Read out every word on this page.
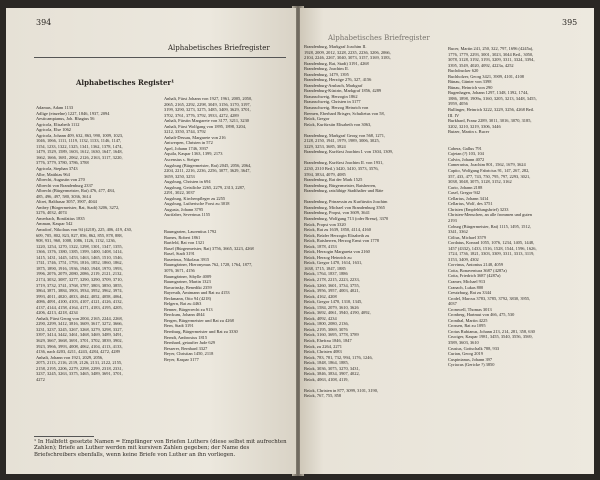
394
Alphabetisches Briefregister
Alphabetisches Register¹
Adamus, Adam 1133
Adlige (einzelne) 1227, 1846, 1937, 2094
Aesticampianus, Joh. Rhagius 56
Agricola, Elisabeth 1112
Agricola, Else 1062
Agricola, Johann 409, 632, 863, 990, 1009, 1023,
1046, 1066, 1111, 1119, 1132, 1133, 1146, 1147,
1154, 1233, 1322, 1325, 1341, 1362, 1378, 1474,
1479, 1529, 1589, 1603, 1612, 1630, 1647, 1648,
1662, 1666, 1681, 2062, 2126, 2163, 3117, 3220,
3776, 3779, 3780, 3786, 3788
Agricola, Stephan 3743
Albe, Matthias 964
Albrecht, Augustin von 270
Albrecht von Brandenburg 2337
Albrecht (Bürgermeister, Rat) 476, 477, 484,
485, 496, 497, 580, 3036, 3614
Altrei, Balthasar 3057, 3907, 4044
Ambey (Bürgermeister, Rat, Stadt) 3206, 3272,
3276, 4032, 4074
Amerbach, Bonifatius 1835
Amman, Kaspar 542
Amsdorf, Nikolaus von 94 (4218), 225, 406, 419, 430,
609, 705, 802, 823, 827, 856, 862, 855, 878, 888,
908, 931, 960, 1008, 1086, 1126, 1132, 1236,
1220, 1254, 1270, 1322, 1298, 1301, 1347, 1355,
1366, 1376, 1380, 1385, 1399, 1400, 1408, 1414,
1415, 1431, 1445, 1453, 1463, 1465, 1510, 1546,
1741, 1746, 1751, 1793, 1816, 1852, 1860, 1862,
1875, 1890, 1916, 1936, 1940, 1948, 1970, 1993,
1996, 2076, 2079, 2080, 2086, 2119, 2121, 2132,
2174, 3032, 3087, 3277, 3290, 3290, 3709, 3710,
3719, 3732, 3741, 3768, 3787, 3803, 3850, 3855,
3864, 3871, 3884, 3903, 3934, 3952, 3962, 3974,
3993, 4011, 4020, 4033, 4042, 4052, 4058, 4064,
4086, 4091, 4100, 4103, 4107, 4121, 4126, 4132,
4137, 4144, 4158, 4164, 4171, 4183, 4195, 4205,
4206, 4213, 4218, 4234
Anhalt, Fürst Georg von 2004, 2165, 2244, 2268,
2290, 2299, 3412, 3816, 3609, 3617, 3272, 3666,
3231, 3237, 3245, 3267, 3268, 3279, 3298, 3327,
3397, 3414, 3442, 3461, 3468, 3469, 3489, 3491,
3629, 3667, 3668, 3691, 3701, 3702, 3839, 3902,
3923, 3966, 3993, 4008, 4062, 4104, 4113, 4133,
4136, nach 4203, 4211, 4243, 4284, 4272, 4289
Anhalt, Johann von 1921, 2029, 2056,
2075, 2113, 2116, 2119, 2126, 2131, 2122, 2155,
2158, 2195, 2206, 2279, 2298, 2299, 2318, 2331,
3237, 3245, 3263, 3375, 3465, 3489, 3691, 3701,
4272
Anhalt, Fürst Johann von 1927, 1961, 2005, 2050,
2065, 2165, 2292, 2298, 3049, 3156, 3170, 3197,
3199, 3290, 3273, 3275, 3485, 3409, 3629, 3701,
3702, 3761, 3776, 3792, 3933, 4272, 4289
Anhalt, Fürstin Margarete von 3177, 3211, 3230
Anhalt, Fürst Wolfgang von 1895, 1898, 3204,
3212, 3350, 3744, 3792
Anhalt-Dessau, Margarete von 216
Antwerpen, Christen in 572
Apel, Johann 1746, 3937
Aquila, Kaspar 1363, 1399, 2173
Ascensius s. Steiger
Augsburg (Bürgermeister, Rat) 2045, 2056, 2064,
2204, 2211, 2216, 2236, 2256, 3077, 3629, 3647,
3659, 3250, 3253
Augsburg, Christen in 694
Augsburg, Geistliche 2265, 2279, 2313, 2287,
2291, 3022, 3037
Augsburg, Kirchenpfleger zu 2255
Augsburg, Lutherische Forst zu 3018
Augusta, Johann 3795
Aurifaber, Severinus 1155

Baumgarten, Laurentius 1792
Barnes, Robert 1861
Bartfeld, Rat von 1321
Basel (Bürgermeister, Rat) 3756, 3665, 3223, 4268
Basel, Stadt 3191
Baserinus, Nikolaus 3915
Baumgärtner, Hieronymus 762, 1728, 1764, 1877,
3076, 3671, 4156
Baumgärtner, Sibylle 4009
Baumgartner, Martin 1323
Bavarinsky, Benedikt 2359
Bayreuth, Amtmann und Rat zu 4153
Beckmann, Otto 94 (4218)
Belgern, Rat zu 4463
Benner, Bürgerrecht zu 913
Berckum, Johann 4044
Bergen, Bürgermeister und Rat zu 4268
Bern, Stadt 3191
Bernburg, Bürgermeister und Rat zu 3330
Berndt, Ambrosius 1815
Bernhard, getaufter Jude 629
Besserer, Bernhard 3327
Beyer, Christian 1450, 2118
Beyer, Kaspar 3177
¹ In Halbfett gesetzte Namen = Empfänger von Briefen Luthers (diese selbst mit aufrechten Zahlen); Briefe an Luther werden mit kursiven Zahlen gegeben; der Name des Briefschreibers ebenfalls, wenn keine Briefe von Luther an ihn vorliegen.
395
Alphabetisches Briefregister
Brandenburg, Markgraf Joachim II.
1928, 2009, 2012, 3228, 2235, 2236, 3206, 2066,
2104, 2246, 2267, 3040, 3073, 3157, 3169, 3183,
Brandenburg, Rat, Stadt) 3191, 4268
Brandenburg, Joachim II.
Brandenburg, 1479, 1395
Brandenburg, Herzöge 276, 327, 4156
Brandenburg-Ansbach, Markgraf
Brandenburg-Küstrin, Markgraf 1856, 4289
Braunschweig, Herzogin 1862
Braunschweig, Christen in 3177
Braunschweig, Herzog Heinrich von
Bremen, Eberhard Brisger, Schultetus von 58,
Brück, Gregor
Brück, Kurfürstin Elisabeth von 3063,

Brandenburg, Markgraf Georg von 568, 1271,
2128, 2150, 1941, 1979, 1989, 3006, 3025,
3229, 3253, 3685, 3824
Brandenburg, Kurfürst Joachim I. von 1304, 1309,

Brandenburg, Kurfürst Joachim II. von 1931,
2230, 2310 Beil.) 3420, 3410, 3573, 3576,
3594, 3834, 4079, 4085
Brandenburg, Rat der Mark 1525
Brandenburg, Bürgermeister, Ratsherren,
Brandenburg, ratsfähige Stadthalter und Räte

Brandenburg, Prinzessin zu Kurfürstin Joachim
Brandenburg, Michael von Brandenburg 3565
Brandenburg, Propst, von 3609, 3641
Brandenburg, Wolfgang 713 (oder Brenz), 3370
Brück, Propst von 3320
Brück, Rat zu 1639, 1850, 4114, 4160
Brück, Brüder Herzogin Elisabeth zu
Brück, Ratsherren, Herzog Ernst von 1778
Brück, 1878, 4153
Brück, Herzogin Margareta von 2160
Brück, Herzog Heinrich zu
Brück, Gregor 1470, 1614, 1631,
1638, 1715, 1847, 1885
Brück, 1764, 1837, 1886
Brück, 2178, 2215, 2223, 2233,
Brück, 3260, 3601, 3734, 3755,
Brück, 3956, 3957, 4003, 4021,
Brück, 4162, 4208
Brück, Gregor 1470, 1310, 1345,
Brück, 1584, 2079, 3610, 3626
Brück, 3692, 4061, 3940, 4190, 4092,
Brück, 4092, 4234
Brück, 1800, 2080, 2136,
Brück, 2195, 3069, 3076
Brück, 3160, 3695, 3778, 3789
Brück, Ehefrau 1846, 1847
Brück, zu 2264, 2271
Brück, Christen 4083
Brück, 783, 781, 732, 994, 1176, 1246,
Brück, 1848, 1864, 1885,
Brück, 3036, 3075, 3270, 3431,
Brück, 3846, 3834, 3907, 4022,
Brück, 4063, 4108, 4119,

Brück, Christen in 877, 3099, 3101, 3190,
Brück, 767, 755, 858
Bucer, Martin 241, 250, 322, 797, 1696 (4245a),
1776, 1779, 2293, 3001, 3023, 3044 Beil., 3050,
3078, 3128, 3192, 3193, 3209, 3311, 3324, 3394,
3395, 3549, 4020, 4092, 4223a, 4252
Buchdrucker 620
Buchholzer, Georg 3421, 3909, 4101, 4108
Bünau, Günter von 3398
Bünau, Heinrich von 290
Bugenhagen, Johann 1297, 1348, 1392, 1744,
1886, 1898, 1909a, 3160, 3205, 3213, 3448, 3455,
3959, 4056
Bullinger, Heinrich 3222, 3229, 3256, 4268 Beil.
III. IV
Burkhard, Franz 2289, 3011, 3016, 3070, 3185,
3202, 3210, 3219, 3306, 3446
Butzer, Martin s. Bucer

Cabera, Gallus 791
Cajetan (?) 103, 104
Calvin, Johann 4072
Camerarius, Joachim 801, 1562, 1679, 3624
Capito, Wolfgang Fabricius 91, 147, 267, 282,
357, 433, 477, 743, 750, 795, 797, 2293, 3021,
3038, 3048, 3075, 3128, 3152, 3162
Cario, Johann 2188
Casel, Gregor 942
Cellarius, Johann 3414
Cellarius, Wolf, des 3751
Christen (Empfehlungsbrief) 3233
Christen-Menschen, an alle frommen und guten
2193
Coburg (Bürgermeister, Rat) 1115, 1495, 1512,
3341, 3362
Cölius, Michael 3579
Cordatus, Konrad 1055, 1076, 1234, 1405, 1448,
1457 (4332), 1433, 1516, 1528, 1544, 1596, 1626,
1724, 1736, 1821, 3303, 3309, 3311, 3313, 3119,
3153, 3409, 4302
Corvinus, Antonius 2148, 4059
Cotta, Bonaventura 3687 (4287a)
Cotta, Friedrich 3687 (4287a)
Cramer, Michael 913
Cranach, Lukas 800
Creutzburg, Rat zu 3344
Crodel, Marcus 3783, 3785, 3792, 3830, 3955,
4037
Cromwell, Thomas 3013
Cronberg, Hartmut von 466, 475, 530
Cronthal, Martin 4225
Crossen, Rat zu 1095
Crotus Rubianus, Johann 213, 214, 281, 358, 630
Cruciger, Kaspar 1981, 3455, 3540, 3556, 3569,
3589, 3603, 3610
Crusius, Gottschalk 788, 933
Curian, Georg 2019
Cuspinianus, Johann 397
Cyriacus (Gericke ?) 3850
